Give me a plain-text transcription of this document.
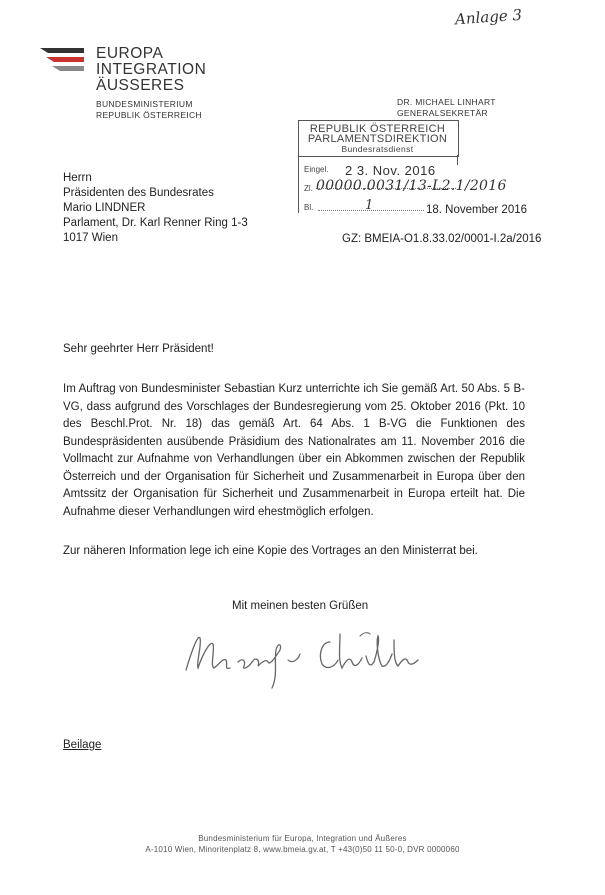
Anlage 3
EUROPA
INTEGRATION
ÄUSSERES
BUNDESMINISTERIUM
REPUBLIK ÖSTERREICH
DR. MICHAEL LINHART
GENERALSEKRETÄR
REPUBLIK ÖSTERREICH
PARLAMENTSDIREKTION
Bundesratsdienst
Eingel. 2 3. Nov. 2016
Zl. 00000.0031/13-L2.1/2016
Bl.	1
Herrn
Präsidenten des Bundesrates
Mario LINDNER
Parlament, Dr. Karl Renner Ring 1-3
1017 Wien
18. November 2016
GZ: BMEIA-O1.8.33.02/0001-I.2a/2016
Sehr geehrter Herr Präsident!

Im Auftrag von Bundesminister Sebastian Kurz unterrichte ich Sie gemäß Art. 50 Abs. 5 B-VG, dass aufgrund des Vorschlages der Bundesregierung vom 25. Oktober 2016 (Pkt. 10 des Beschl.Prot. Nr. 18) das gemäß Art. 64 Abs. 1 B-VG die Funktionen des Bundespräsidenten ausübende Präsidium des Nationalrates am 11. November 2016 die Vollmacht zur Aufnahme von Verhandlungen über ein Abkommen zwischen der Republik Österreich und der Organisation für Sicherheit und Zusammenarbeit in Europa über den Amtssitz der Organisation für Sicherheit und Zusammenarbeit in Europa erteilt hat. Die Aufnahme dieser Verhandlungen wird ehestmöglich erfolgen.

Zur näheren Information lege ich eine Kopie des Vortrages an den Ministerrat bei.
Mit meinen besten Grüßen
Beilage
Bundesministerium für Europa, Integration und Äußeres
A-1010 Wien, Minoritenplatz 8, www.bmeia.gv.at, T +43(0)50 11 50-0, DVR 0000060
